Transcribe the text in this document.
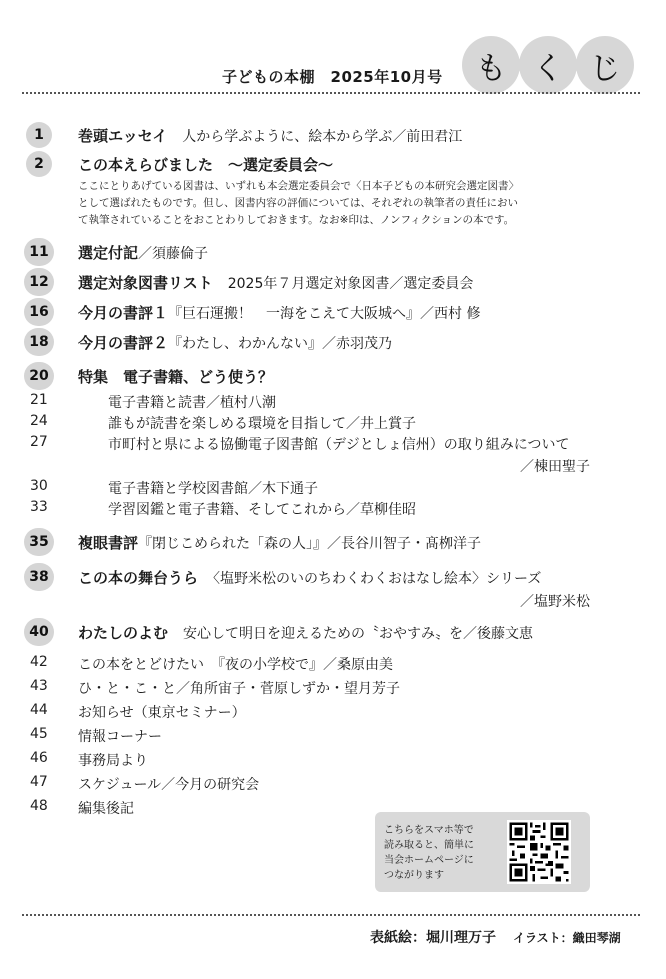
子どもの本棚　2025年10月号	も く じ
1	巻頭エッセイ　 人から学ぶように、絵本から学ぶ／前田君江
2	この本えらびました　～選定委員会～
ここにとりあげている図書は、いずれも本会選定委員会で〈日本子どもの本研究会選定図書〉
として選ばれたものです。但し、図書内容の評価については、それぞれの執筆者の責任におい
て執筆されていることをおことわりしておきます。なお※印は、ノンフィクションの本です。
11	選定付記／須藤倫子
12	選定対象図書リスト　 2025年７月選定対象図書／選定委員会
16	今月の書評１『巨石運搬！　一海をこえて大阪城へ』／西村 修
18	今月の書評２『わたし、わかんない』／赤羽茂乃
20	特集　電子書籍、どう使う？
21	電子書籍と読書／植村八潮
24	誰もが読書を楽しめる環境を目指して／井上賞子
27	市町村と県による協働電子図書館（デジとしょ信州）の取り組みについて
／棟田聖子
30	電子書籍と学校図書館／木下通子
33	学習図鑑と電子書籍、そしてこれから／草柳佳昭
35	複眼書評『閉じこめられた「森の人」』／長谷川智子・髙栁洋子
38	この本の舞台うら　 〈塩野米松のいのちわくわくおはなし絵本〉シリーズ
／塩野米松
40	わたしのよむ　 安心して明日を迎えるための〝おやすみ〟を／後藤文恵
42 この本をとどけたい　『夜の小学校で』／桑原由美
43 ひ・と・こ・と／角所宙子・菅原しずか・望月芳子
44 お知らせ（東京セミナー）
45 情報コーナー
46 事務局より
47 スケジュール／今月の研究会
48 編集後記
こちらをスマホ等で
読み取ると、簡単に
当会ホームページに
つながります
表紙絵：堀川理万子 イラスト：織田琴湖
